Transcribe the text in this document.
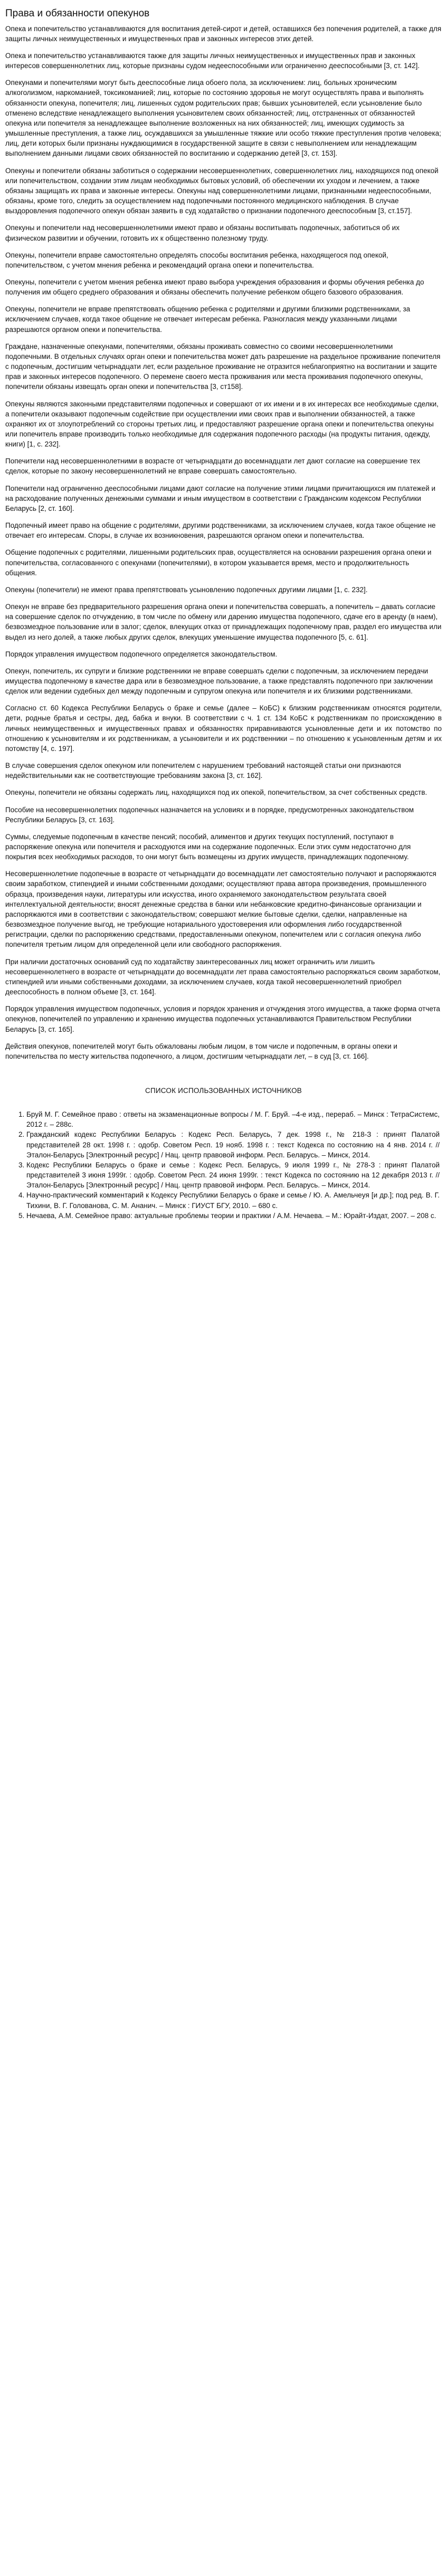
Права и обязанности опекунов

Опека и попечительство устанавливаются для воспитания детей-сирот и детей, оставшихся без попечения родителей, а также для защиты личных неимущественных и имущественных прав и законных интересов этих детей.

Опека и попечительство устанавливаются также для защиты личных неимущественных и имущественных прав и законных интересов совершеннолетних лиц, которые признаны судом недееспособными или ограниченно дееспособными [3, ст. 142].

Опекунами и попечителями могут быть дееспособные лица обоего пола, за исключением: лиц, больных хроническим алкоголизмом, наркоманией, токсикоманией; лиц, которые по состоянию здоровья не могут осуществлять права и выполнять обязанности опекуна, попечителя; лиц, лишенных судом родительских прав; бывших усыновителей, если усыновление было отменено вследствие ненадлежащего выполнения усыновителем своих обязанностей; лиц, отстраненных от обязанностей опекуна или попечителя за ненадлежащее выполнение возложенных на них обязанностей; лиц, имеющих судимость за умышленные преступления, а также лиц, осуждавшихся за умышленные тяжкие или особо тяжкие преступления против человека; лиц, дети которых были признаны нуждающимися в государственной защите в связи с невыполнением или ненадлежащим выполнением данными лицами своих обязанностей по воспитанию и содержанию детей [3, ст. 153].

Опекуны и попечители обязаны заботиться о содержании несовершеннолетних, совершеннолетних лиц, находящихся под опекой или попечительством, создании этим лицам необходимых бытовых условий, об обеспечении их уходом и лечением, а также обязаны защищать их права и законные интересы. Опекуны над совершеннолетними лицами, признанными недееспособными, обязаны, кроме того, следить за осуществлением над подопечными постоянного медицинского наблюдения. В случае выздоровления подопечного опекун обязан заявить в суд ходатайство о признании подопечного дееспособным [3, ст.157].

Опекуны и попечители над несовершеннолетними имеют право и обязаны воспитывать подопечных, заботиться об их физическом развитии и обучении, готовить их к общественно полезному труду.

Опекуны, попечители вправе самостоятельно определять способы воспитания ребенка, находящегося под опекой, попечительством, с учетом мнения ребенка и рекомендаций органа опеки и попечительства.

Опекуны, попечители с учетом мнения ребенка имеют право выбора учреждения образования и формы обучения ребенка до получения им общего среднего образования и обязаны обеспечить получение ребенком общего базового образования.

Опекуны, попечители не вправе препятствовать общению ребенка с родителями и другими близкими родственниками, за исключением случаев, когда такое общение не отвечает интересам ребенка. Разногласия между указанными лицами разрешаются органом опеки и попечительства.

Граждане, назначенные опекунами, попечителями, обязаны проживать совместно со своими несовершеннолетними подопечными. В отдельных случаях орган опеки и попечительства может дать разрешение на раздельное проживание попечителя с подопечным, достигшим четырнадцати лет, если раздельное проживание не отразится неблагоприятно на воспитании и защите прав и законных интересов подопечного. О перемене своего места проживания или места проживания подопечного опекуны, попечители обязаны извещать орган опеки и попечительства [3, ст158].

Опекуны являются законными представителями подопечных и совершают от их имени и в их интересах все необходимые сделки, а попечители оказывают подопечным содействие при осуществлении ими своих прав и выполнении обязанностей, а также охраняют их от злоупотреблений со стороны третьих лиц, и предоставляют разрешение органа опеки и попечительства опекуны или попечитель вправе производить только необходимые для содержания подопечного расходы (на продукты питания, одежду, книги) [1, с. 232].

Попечители над несовершеннолетними в возрасте от четырнадцати до восемнадцати лет дают согласие на совершение тех сделок, которые по закону несовершеннолетний не вправе совершать самостоятельно.

Попечители над ограниченно дееспособными лицами дают согласие на получение этими лицами причитающихся им платежей и на расходование полученных денежными суммами и иным имуществом в соответствии с Гражданским кодексом Республики Беларусь [2, ст. 160].

Подопечный имеет право на общение с родителями, другими родственниками, за исключением случаев, когда такое общение не отвечает его интересам. Споры, в случае их возникновения, разрешаются органом опеки и попечительства.

Общение подопечных с родителями, лишенными родительских прав, осуществляется на основании разрешения органа опеки и попечительства, согласованного с опекунами (попечителями), в котором указывается время, место и продолжительность общения.

Опекуны (попечители) не имеют права препятствовать усыновлению подопечных другими лицами [1, с. 232].

Опекун не вправе без предварительного разрешения органа опеки и попечительства совершать, а попечитель – давать согласие на совершение сделок по отчуждению, в том числе по обмену или дарению имущества подопечного, сдаче его в аренду (в наем), безвозмездное пользование или в залог; сделок, влекущих отказ от принадлежащих подопечному прав, раздел его имущества или выдел из него долей, а также любых других сделок, влекущих уменьшение имущества подопечного [5, с. 61].

Порядок управления имуществом подопечного определяется законодательством.

Опекун, попечитель, их супруги и близкие родственники не вправе совершать сделки с подопечным, за исключением передачи имущества подопечному в качестве дара или в безвозмездное пользование, а также представлять подопечного при заключении сделок или ведении судебных дел между подопечным и супругом опекуна или попечителя и их близкими родственниками.

Согласно ст. 60 Кодекса Республики Беларусь о браке и семье (далее – КоБС) к близким родственникам относятся родители, дети, родные братья и сестры, дед, бабка и внуки. В соответствии с ч. 1 ст. 134 КоБС к родственникам по происхождению в личных неимущественных и имущественных правах и обязанностях приравниваются усыновленные дети и их потомство по отношению к усыновителям и их родственникам, а усыновители и их родственники – по отношению к усыновленным детям и их потомству [4, с. 197].

В случае совершения сделок опекуном или попечителем с нарушением требований настоящей статьи они признаются недействительными как не соответствующие требованиям закона [3, ст. 162].

Опекуны, попечители не обязаны содержать лиц, находящихся под их опекой, попечительством, за счет собственных средств.

Пособие на несовершеннолетних подопечных назначается на условиях и в порядке, предусмотренных законодательством Республики Беларусь [3, ст. 163].

Суммы, следуемые подопечным в качестве пенсий; пособий, алиментов и других текущих поступлений, поступают в распоряжение опекуна или попечителя и расходуются ими на содержание подопечных. Если этих сумм недостаточно для покрытия всех необходимых расходов, то они могут быть возмещены из других имуществ, принадлежащих подопечному.

Несовершеннолетние подопечные в возрасте от четырнадцати до восемнадцати лет самостоятельно получают и распоряжаются своим заработком, стипендией и иными собственными доходами; осуществляют права автора произведения, промышленного образца, произведения науки, литературы или искусства, иного охраняемого законодательством результата своей интеллектуальной деятельности; вносят денежные средства в банки или небанковские кредитно-финансовые организации и распоряжаются ими в соответствии с законодательством; совершают мелкие бытовые сделки, сделки, направленные на безвозмездное получение выгод, не требующие нотариального удостоверения или оформления либо государственной регистрации, сделки по распоряжению средствами, предоставленными опекуном, попечителем или с согласия опекуна либо попечителя третьим лицом для определенной цели или свободного распоряжения.

При наличии достаточных оснований суд по ходатайству заинтересованных лиц может ограничить или лишить несовершеннолетнего в возрасте от четырнадцати до восемнадцати лет права самостоятельно распоряжаться своим заработком, стипендией или иными собственными доходами, за исключением случаев, когда такой несовершеннолетний приобрел дееспособность в полном объеме [3, ст. 164].

Порядок управления имуществом подопечных, условия и порядок хранения и отчуждения этого имущества, а также форма отчета опекунов, попечителей по управлению и хранению имущества подопечных устанавливаются Правительством Республики Беларусь [3, ст. 165].

Действия опекунов, попечителей могут быть обжалованы любым лицом, в том числе и подопечным, в органы опеки и попечительства по месту жительства подопечного, а лицом, достигшим четырнадцати лет, – в суд [3, ст. 166].

СПИСОК ИСПОЛЬЗОВАННЫХ ИСТОЧНИКОВ
1. Бруй М. Г. Семейное право : ответы на экзаменационные вопросы / М. Г. Бруй. –4-е изд., перераб. – Минск : ТетраСистемс, 2012 г. – 288с.
2. Гражданский кодекс Республики Беларусь : Кодекс Респ. Беларусь, 7 дек. 1998 г., № 218-З : принят Палатой представителей 28 окт. 1998 г. : одобр. Советом Респ. 19 нояб. 1998 г. : текст Кодекса по состоянию на 4 янв. 2014 г. // Эталон-Беларусь [Электронный ресурс] / Нац. центр правовой информ. Респ. Беларусь. – Минск, 2014.
3. Кодекс Республики Беларусь о браке и семье : Кодекс Респ. Беларусь, 9 июля 1999 г., № 278-З : принят Палатой представителей 3 июня 1999г. : одобр. Советом Респ. 24 июня 1999г. : текст Кодекса по состоянию на 12 декабря 2013 г. // Эталон-Беларусь [Электронный ресурс] / Нац. центр правовой информ. Респ. Беларусь. – Минск, 2014.
4. Научно-практический комментарий к Кодексу Республики Беларусь о браке и семье / Ю. А. Амельчеyя [и др.]; под ред. В. Г. Тихини, В. Г. Голованова, С. М. Ананич. – Минск : ГИУСТ БГУ, 2010. – 680 с.
5. Нечаева, А.М. Семейное право: актуальные проблемы теории и практики / А.М. Нечаева. – М.: Юрайт-Издат, 2007. – 208 с.
